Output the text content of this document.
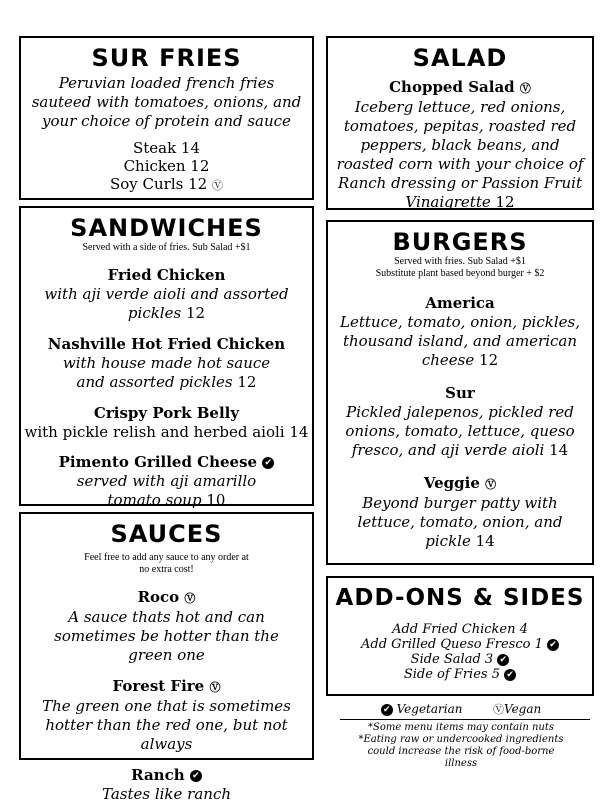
SUR FRIES
Peruvian loaded french fries sauteed with tomatoes, onions, and your choice of protein and sauce
Steak 14
Chicken 12
Soy Curls 12 Ⓥ
SALAD
Chopped Salad Ⓥ
Iceberg lettuce, red onions, tomatoes, pepitas, roasted red peppers, black beans, and roasted corn with your choice of Ranch dressing or Passion Fruit Vinaigrette 12
SANDWICHES
Served with a side of fries. Sub Salad +$1
Fried Chicken
with aji verde aioli and assorted pickles 12
Nashville Hot Fried Chicken
with house made hot sauce and assorted pickles 12
Crispy Pork Belly
with pickle relish and herbed aioli 14
Pimento Grilled Cheese ✔
served with aji amarillo tomato soup 10
BURGERS
Served with fries. Sub Salad +$1
Substitute plant based beyond burger + $2
America
Lettuce, tomato, onion, pickles, thousand island, and american cheese 12
Sur
Pickled jalepenos, pickled red onions, tomato, lettuce, queso fresco, and aji verde aioli 14
Veggie Ⓥ
Beyond burger patty with lettuce, tomato, onion, and pickle 14
SAUCES
Feel free to add any sauce to any order at no extra cost!
Roco Ⓥ
A sauce thats hot and can sometimes be hotter than the green one
Forest Fire Ⓥ
The green one that is sometimes hotter than the red one, but not always
Ranch ✔
Tastes like ranch
ADD-ONS & SIDES
Add Fried Chicken 4
Add Grilled Queso Fresco 1 ✔
Side Salad 3 ✔
Side of Fries 5 ✔
✔ Vegetarian	ⓋVegan
*Some menu items may contain nuts
*Eating raw or undercooked ingredients could increase the risk of food-borne illness
